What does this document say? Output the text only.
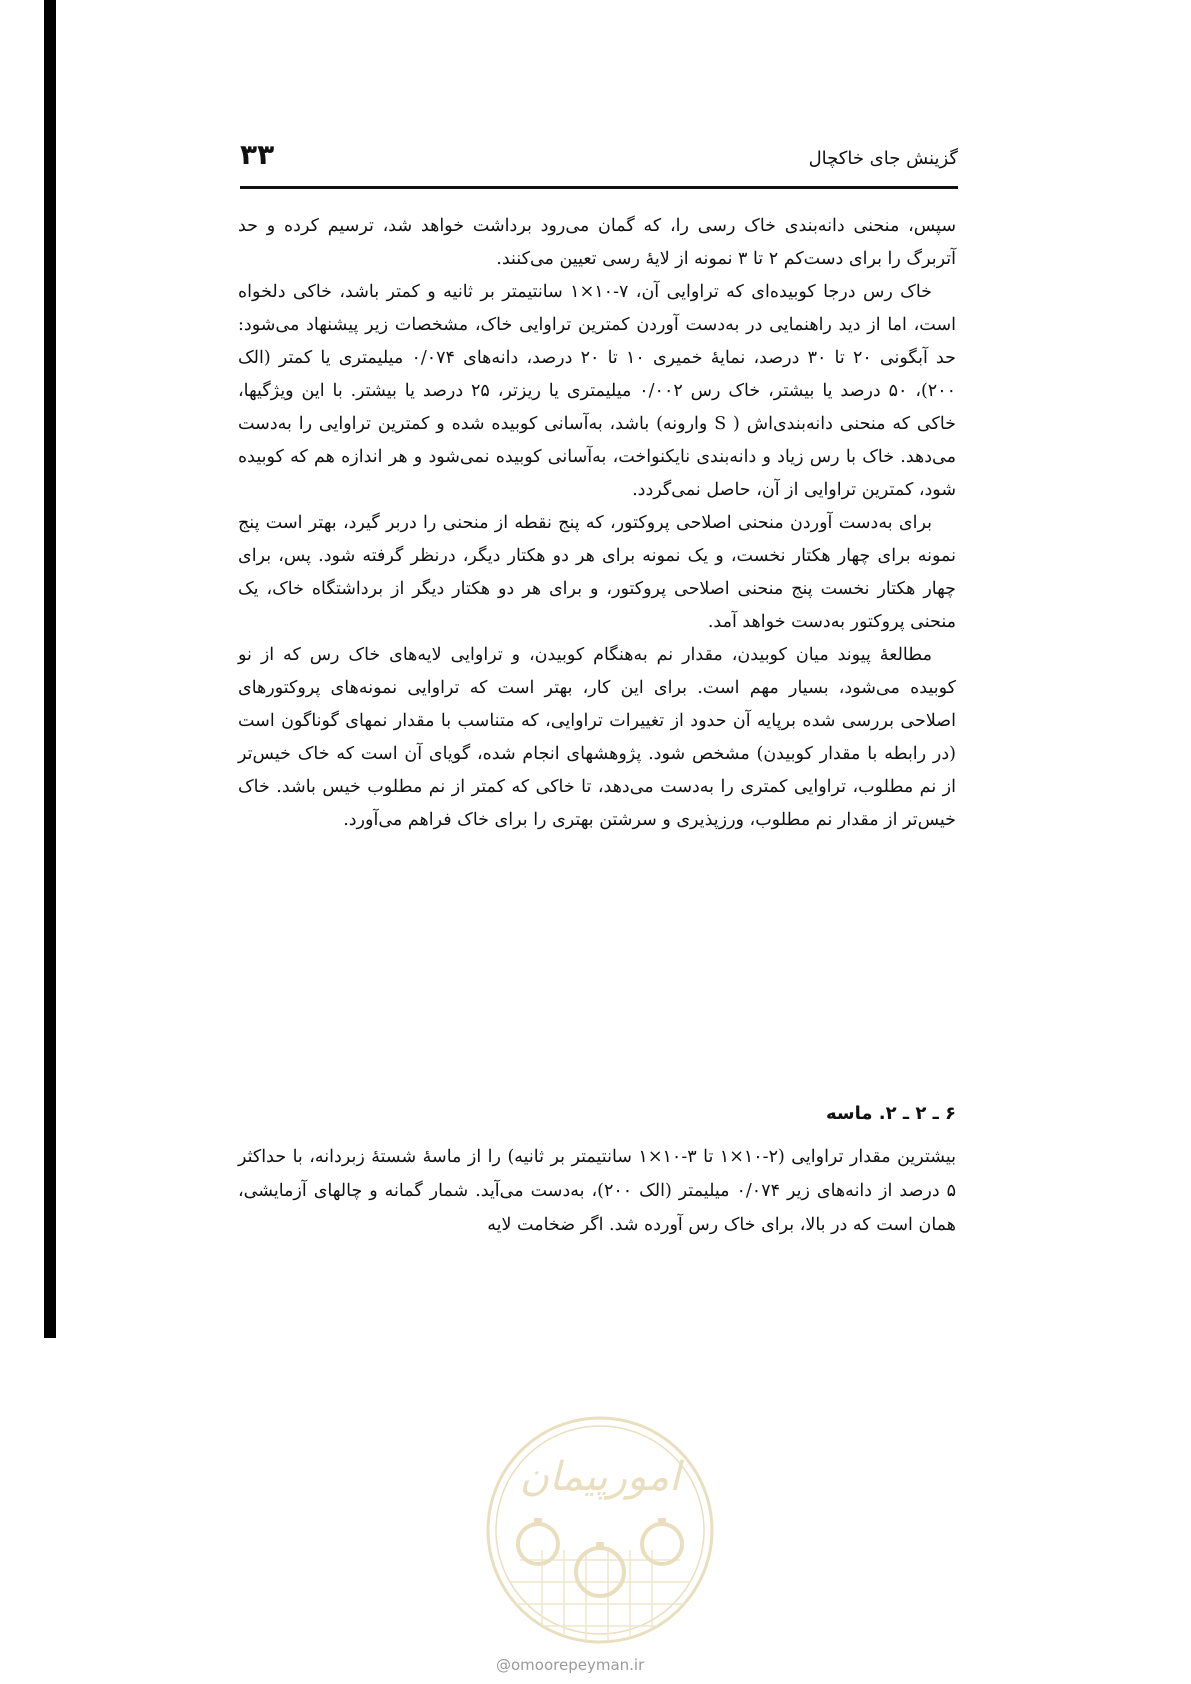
۳۳	گزینش جای خاکچال

سپس، منحنی دانه‌بندی خاک رسی را، که گمان می‌رود برداشت خواهد شد، ترسیم کرده و حد آتربرگ را برای دست‌کم ۲ تا ۳ نمونه از لایهٔ رسی تعیین می‌کنند.

خاک رس درجا کوبیده‌ای که تراوایی آن، ۷-۱۰×۱ سانتیمتر بر ثانیه و کمتر باشد، خاکی دلخواه است، اما از دید راهنمایی در به‌دست آوردن کمترین تراوایی خاک، مشخصات زیر پیشنهاد می‌شود: حد آبگونی ۲۰ تا ۳۰ درصد، نمایهٔ خمیری ۱۰ تا ۲۰ درصد، دانه‌های ۰/۰۷۴ میلیمتری یا کمتر (الک ۲۰۰)، ۵۰ درصد یا بیشتر، خاک رس ۰/۰۰۲ میلیمتری یا ریزتر، ۲۵ درصد یا بیشتر. با این ویژگیها، خاکی که منحنی دانه‌بندی‌اش ( S وارونه) باشد، به‌آسانی کوبیده شده و کمترین تراوایی را به‌دست می‌دهد. خاک با رس زیاد و دانه‌بندی نایکنواخت، به‌آسانی کوبیده نمی‌شود و هر اندازه هم که کوبیده شود، کمترین تراوایی از آن، حاصل نمی‌گردد.

برای به‌دست آوردن منحنی اصلاحی پروکتور، که پنج نقطه از منحنی را دربر گیرد، بهتر است پنج نمونه برای چهار هکتار نخست، و یک نمونه برای هر دو هکتار دیگر، درنظر گرفته شود. پس، برای چهار هکتار نخست پنج منحنی اصلاحی پروکتور، و برای هر دو هکتار دیگر از برداشتگاه خاک، یک منحنی پروکتور به‌دست خواهد آمد.

مطالعهٔ پیوند میان کوبیدن، مقدار نم به‌هنگام کوبیدن، و تراوایی لایه‌های خاک رس که از نو کوبیده می‌شود، بسیار مهم است. برای این کار، بهتر است که تراوایی نمونه‌های پروکتورهای اصلاحی بررسی شده برپایه آن حدود از تغییرات تراوایی، که متناسب با مقدار نمهای گوناگون است (در رابطه با مقدار کوبیدن) مشخص شود. پژوهشهای انجام شده، گویای آن است که خاک خیس‌تر از نم مطلوب، تراوایی کمتری را به‌دست می‌دهد، تا خاکی که کمتر از نم مطلوب خیس باشد. خاک خیس‌تر از مقدار نم مطلوب، ورزپذیری و سرشتن بهتری را برای خاک فراهم می‌آورد.

۶ ـ ۲ ـ ۲. ماسه
بیشترین مقدار تراوایی (۲-۱۰×۱ تا ۳-۱۰×۱ سانتیمتر بر ثانیه) را از ماسهٔ شستهٔ زبردانه، با حداکثر ۵ درصد از دانه‌های زیر ۰/۰۷۴ میلیمتر (الک ۲۰۰)، به‌دست می‌آید. شمار گمانه و چالهای آزمایشی، همان است که در بالا، برای خاک رس آورده شد. اگر ضخامت لایه
امورپیمان
@omoorepeyman.ir
